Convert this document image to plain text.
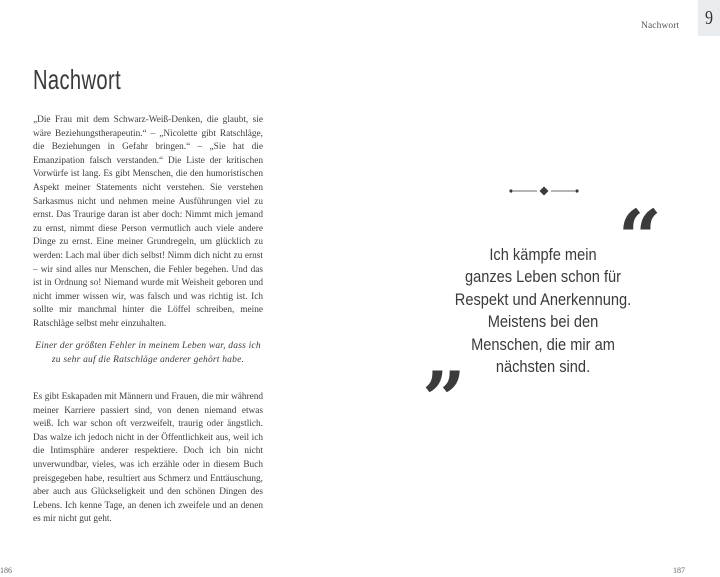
Nachwort 9
Nachwort

„Die Frau mit dem Schwarz-Weiß-Denken, die glaubt, sie wäre Beziehungstherapeutin.“ – „Nicolette gibt Ratschläge, die Beziehungen in Gefahr bringen.“ – „Sie hat die Emanzipation falsch verstanden.“ Die Liste der kritischen Vorwürfe ist lang. Es gibt Menschen, die den humoristischen Aspekt meiner Statements nicht verstehen. Sie verstehen Sarkasmus nicht und nehmen meine Ausführungen viel zu ernst. Das Traurige daran ist aber doch: Nimmt mich jemand zu ernst, nimmt diese Person vermutlich auch viele andere Dinge zu ernst. Eine meiner Grundregeln, um glücklich zu werden: Lach mal über dich selbst! Nimm dich nicht zu ernst – wir sind alles nur Menschen, die Fehler begehen. Und das ist in Ordnung so! Niemand wurde mit Weisheit geboren und nicht immer wissen wir, was falsch und was richtig ist. Ich sollte mir manchmal hinter die Löffel schreiben, meine Ratschläge selbst mehr einzuhalten.

Einer der größten Fehler in meinem Leben war, dass ich zu sehr auf die Ratschläge anderer gehört habe.

Es gibt Eskapaden mit Männern und Frauen, die mir während meiner Karriere passiert sind, von denen niemand etwas weiß. Ich war schon oft verzweifelt, traurig oder ängstlich. Das walze ich jedoch nicht in der Öffentlichkeit aus, weil ich die Intimsphäre anderer respektiere. Doch ich bin nicht unverwundbar, vieles, was ich erzähle oder in diesem Buch preisgegeben habe, resultiert aus Schmerz und Enttäuschung, aber auch aus Glückseligkeit und den schönen Dingen des Lebens. Ich kenne Tage, an denen ich zweifele und an denen es mir nicht gut geht.

“
Ich kämpfe mein
ganzes Leben schon für
Respekt und Anerkennung.
Meistens bei den
Menschen, die mir am
nächsten sind.
”
186	187
